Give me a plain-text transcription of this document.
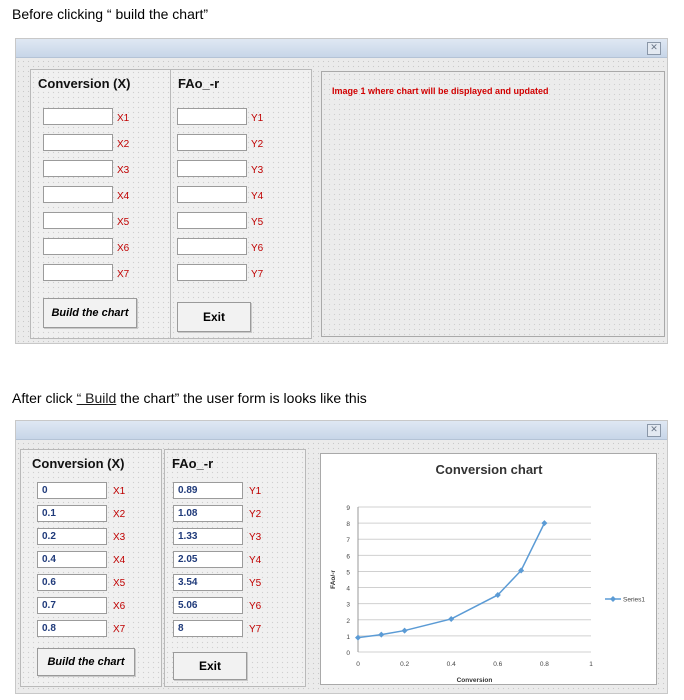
Before clicking “ build the chart”
After click “ Build the chart” the user form is looks like this
✕
Conversion (X)
X1
X2
X3
X4
X5
X6
X7
Build the chart
FAo_-r
Y1
Y2
Y3
Y4
Y5
Y6
Y7
Exit
Image 1 where chart will be displayed and updated
✕
Conversion (X)
0
X1
0.1
X2
0.2
X3
0.4
X4
0.6
X5
0.7
X6
0.8
X7
Build the chart
FAo_-r
0.89
Y1
1.08
Y2
1.33
Y3
2.05
Y4
3.54
Y5
5.06
Y6
8
Y7
Exit
Conversion chart
0
1
2
3
4
5
6
7
8
9
0	0.2	0.4	0.6	0.8	1
Conversion
FAo/-r
Series1
